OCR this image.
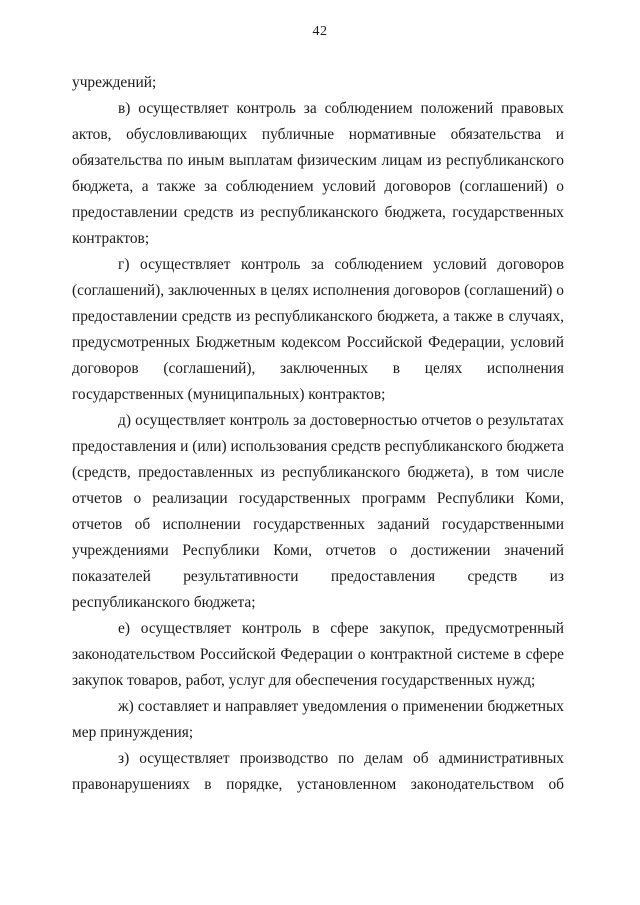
42

учреждений;

в) осуществляет контроль за соблюдением положений правовых актов, обусловливающих публичные нормативные обязательства и обязательства по иным выплатам физическим лицам из республиканского бюджета, а также за соблюдением условий договоров (соглашений) о предоставлении средств из республиканского бюджета, государственных контрактов;

г) осуществляет контроль за соблюдением условий договоров (соглашений), заключенных в целях исполнения договоров (соглашений) о предоставлении средств из республиканского бюджета, а также в случаях, предусмотренных Бюджетным кодексом Российской Федерации, условий договоров (соглашений), заключенных в целях исполнения государственных (муниципальных) контрактов;

д) осуществляет контроль за достоверностью отчетов о результатах предоставления и (или) использования средств республиканского бюджета (средств, предоставленных из республиканского бюджета), в том числе отчетов о реализации государственных программ Республики Коми, отчетов об исполнении государственных заданий государственными учреждениями Республики Коми, отчетов о достижении значений показателей результативности предоставления средств из республиканского бюджета;

е) осуществляет контроль в сфере закупок, предусмотренный законодательством Российской Федерации о контрактной системе в сфере закупок товаров, работ, услуг для обеспечения государственных нужд;

ж) составляет и направляет уведомления о применении бюджетных мер принуждения;

з) осуществляет производство по делам об административных правонарушениях в порядке, установленном законодательством об
